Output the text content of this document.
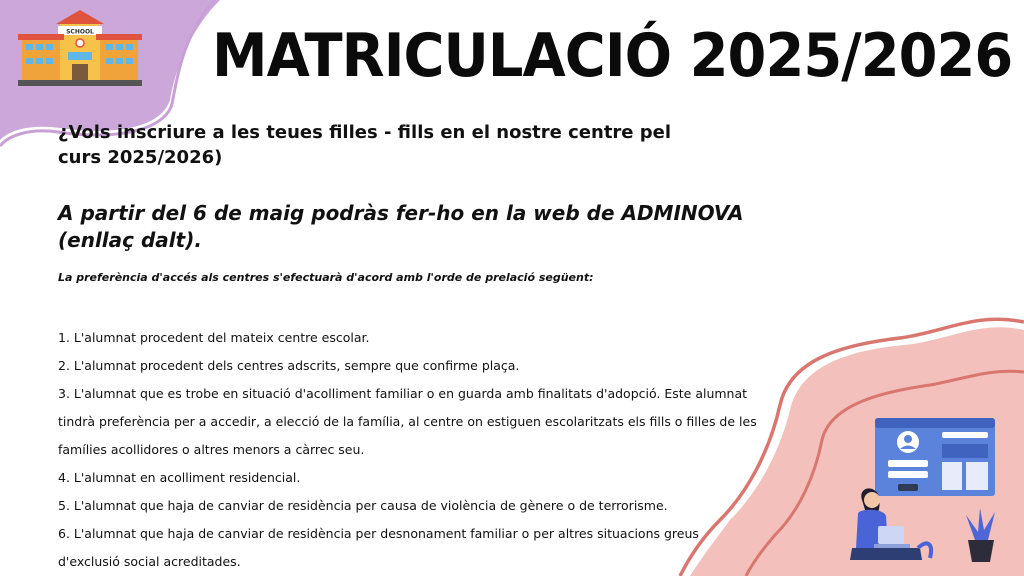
SCHOOL MATRICULACIÓ 2025/2026
¿Vols inscriure a les teues filles - fills en el nostre centre pel curs 2025/2026)
A partir del 6 de maig podràs fer-ho en la web de ADMINOVA (enllaç dalt).
La preferència d'accés als centres s'efectuarà d'acord amb l'orde de prelació següent:
1. L'alumnat procedent del mateix centre escolar.
2. L'alumnat procedent dels centres adscrits, sempre que confirme plaça.
3. L'alumnat que es trobe en situació d'acolliment familiar o en guarda amb finalitats d'adopció. Este alumnat tindrà preferència per a accedir, a elecció de la família, al centre on estiguen escolaritzats els fills o filles de les famílies acollidores o altres menors a càrrec seu.
4. L'alumnat en acolliment residencial.
5. L'alumnat que haja de canviar de residència per causa de violència de gènere o de terrorisme.
6. L'alumnat que haja de canviar de residència per desnonament familiar o per altres situacions greus d'exclusió social acreditades.
